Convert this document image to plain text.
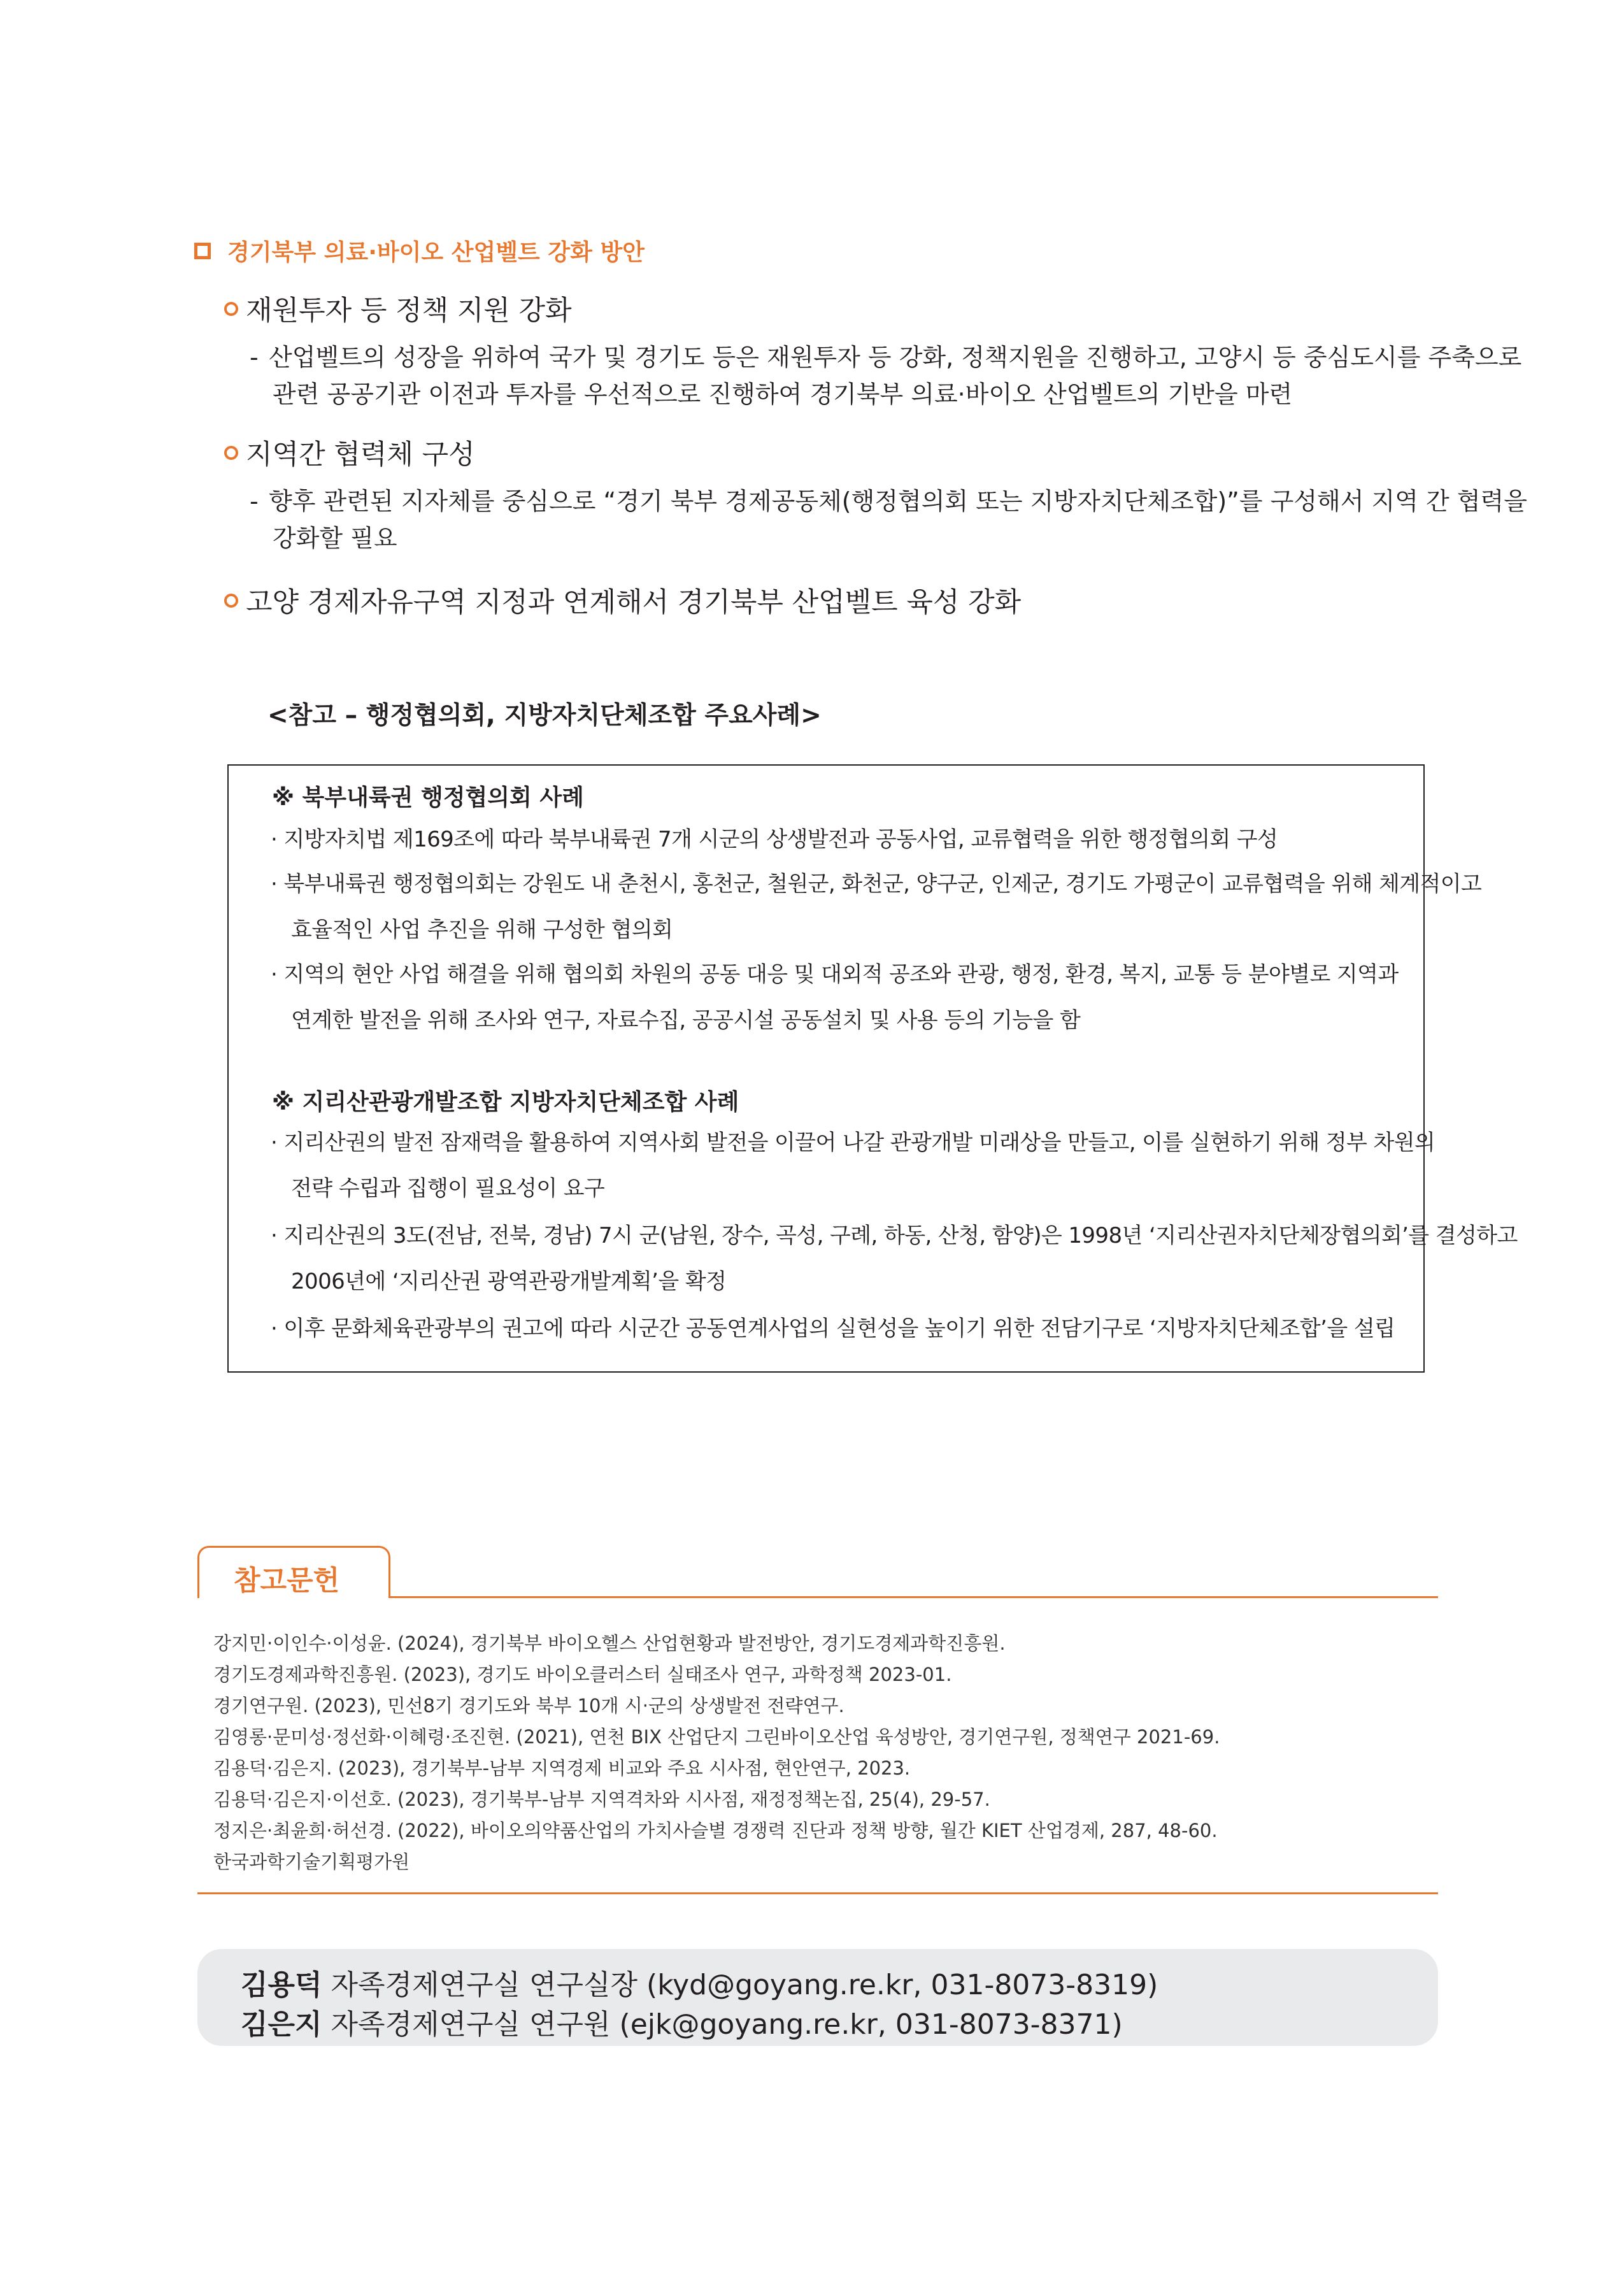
경기북부 의료·바이오 산업벨트 강화 방안
재원투자 등 정책 지원 강화
- 산업벨트의 성장을 위하여 국가 및 경기도 등은 재원투자 등 강화, 정책지원을 진행하고, 고양시 등 중심도시를 주축으로
관련 공공기관 이전과 투자를 우선적으로 진행하여 경기북부 의료·바이오 산업벨트의 기반을 마련
지역간 협력체 구성
- 향후 관련된 지자체를 중심으로 “경기 북부 경제공동체(행정협의회 또는 지방자치단체조합)”를 구성해서 지역 간 협력을
강화할 필요
고양 경제자유구역 지정과 연계해서 경기북부 산업벨트 육성 강화
<참고 – 행정협의회, 지방자치단체조합 주요사례>
※ 북부내륙권 행정협의회 사례
· 지방자치법 제169조에 따라 북부내륙권 7개 시군의 상생발전과 공동사업, 교류협력을 위한 행정협의회 구성
· 북부내륙권 행정협의회는 강원도 내 춘천시, 홍천군, 철원군, 화천군, 양구군, 인제군, 경기도 가평군이 교류협력을 위해 체계적이고
효율적인 사업 추진을 위해 구성한 협의회
· 지역의 현안 사업 해결을 위해 협의회 차원의 공동 대응 및 대외적 공조와 관광, 행정, 환경, 복지, 교통 등 분야별로 지역과
연계한 발전을 위해 조사와 연구, 자료수집, 공공시설 공동설치 및 사용 등의 기능을 함
※ 지리산관광개발조합 지방자치단체조합 사례
· 지리산권의 발전 잠재력을 활용하여 지역사회 발전을 이끌어 나갈 관광개발 미래상을 만들고, 이를 실현하기 위해 정부 차원의
전략 수립과 집행이 필요성이 요구
· 지리산권의 3도(전남, 전북, 경남) 7시 군(남원, 장수, 곡성, 구례, 하동, 산청, 함양)은 1998년 ‘지리산권자치단체장협의회’를 결성하고
2006년에 ‘지리산권 광역관광개발계획’을 확정
· 이후 문화체육관광부의 권고에 따라 시군간 공동연계사업의 실현성을 높이기 위한 전담기구로 ‘지방자치단체조합’을 설립
참고문헌
강지민·이인수·이성윤. (2024), 경기북부 바이오헬스 산업현황과 발전방안, 경기도경제과학진흥원.
경기도경제과학진흥원. (2023), 경기도 바이오클러스터 실태조사 연구, 과학정책 2023-01.
경기연구원. (2023), 민선8기 경기도와 북부 10개 시·군의 상생발전 전략연구.
김영롱·문미성·정선화·이혜령·조진현. (2021), 연천 BIX 산업단지 그린바이오산업 육성방안, 경기연구원, 정책연구 2021-69.
김용덕·김은지. (2023), 경기북부-남부 지역경제 비교와 주요 시사점, 현안연구, 2023.
김용덕·김은지·이선호. (2023), 경기북부-남부 지역격차와 시사점, 재정정책논집, 25(4), 29-57.
정지은·최윤희·허선경. (2022), 바이오의약품산업의 가치사슬별 경쟁력 진단과 정책 방향, 월간 KIET 산업경제, 287, 48-60.
한국과학기술기획평가원
김용덕 자족경제연구실 연구실장 (kyd@goyang.re.kr, 031-8073-8319)
김은지 자족경제연구실 연구원 (ejk@goyang.re.kr, 031-8073-8371)
